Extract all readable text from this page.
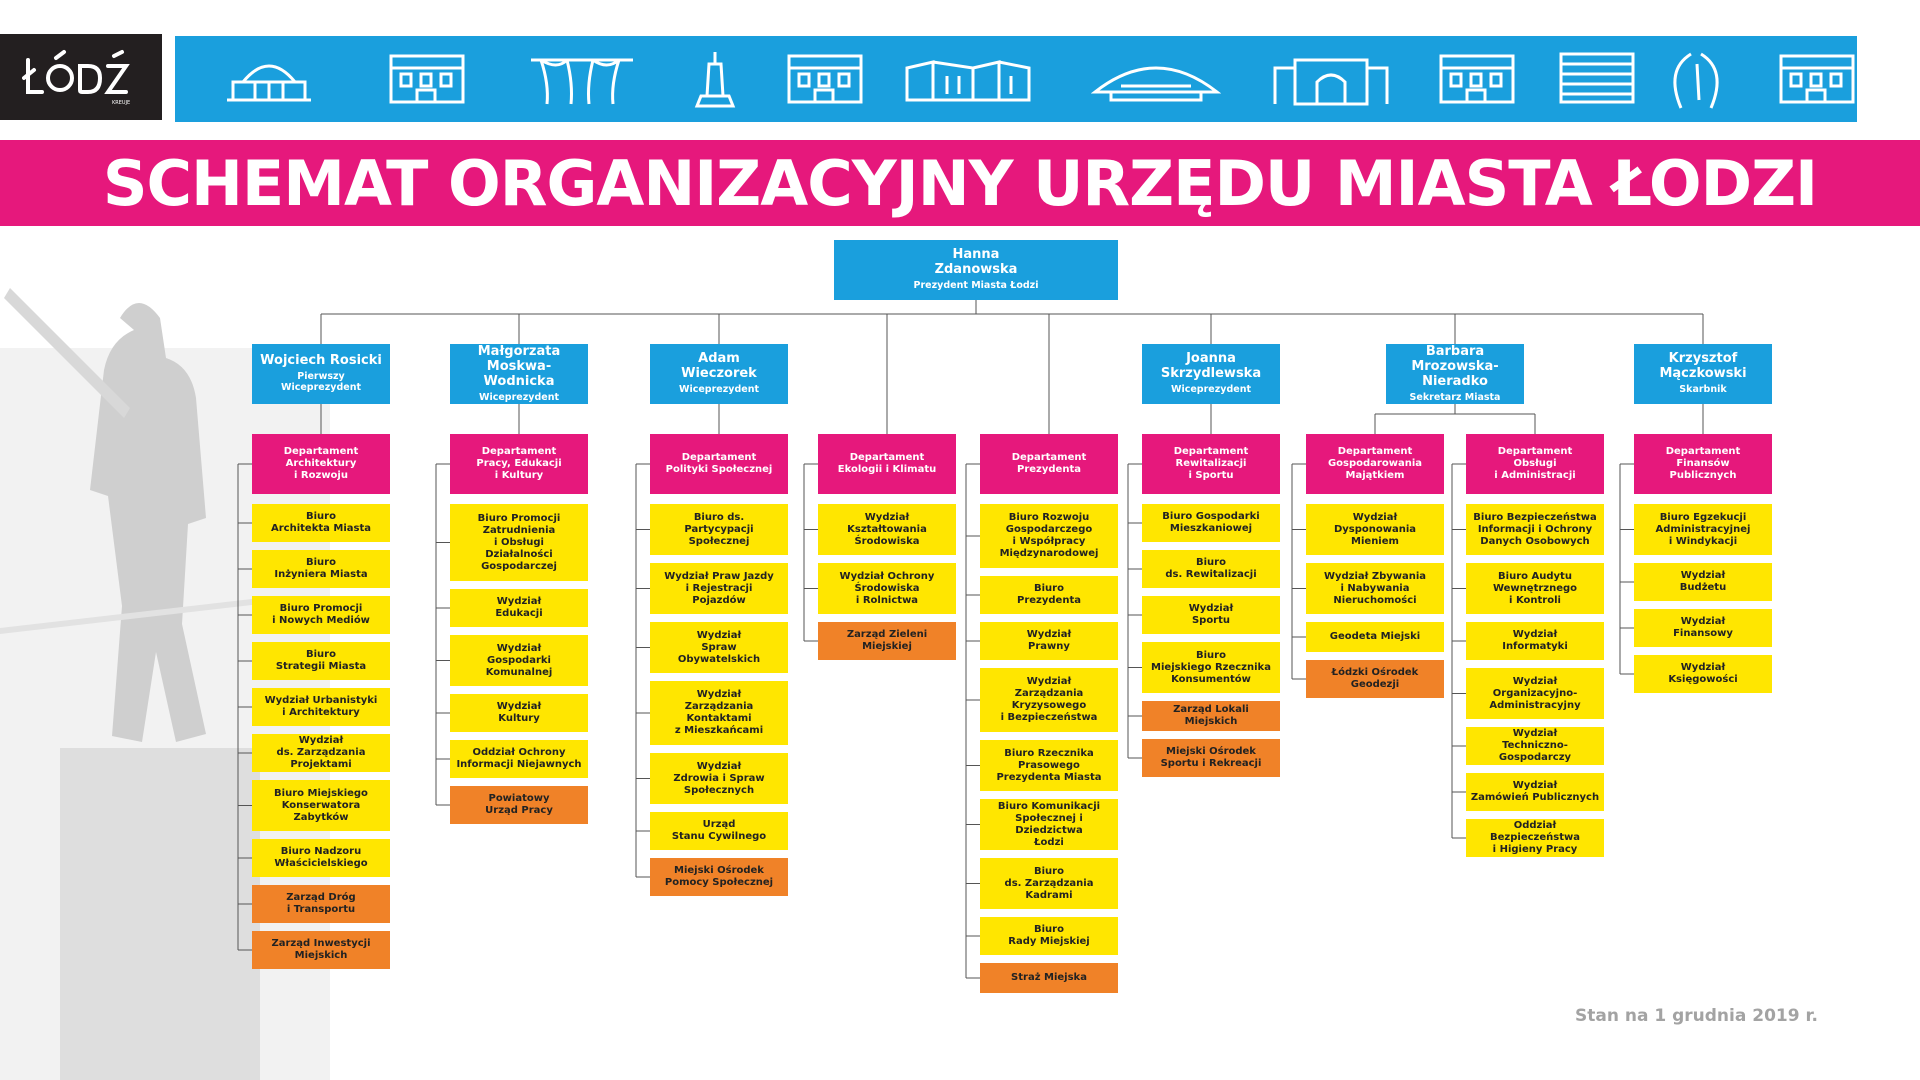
KREUJE
SCHEMAT ORGANIZACYJNY URZĘDU MIASTA ŁODZI
Hanna
Zdanowska
Prezydent Miasta Łodzi
Wojciech Rosicki
Pierwszy
Wiceprezydent
Małgorzata
Moskwa-Wodnicka
Wiceprezydent
Adam
Wieczorek
Wiceprezydent
Joanna
Skrzydlewska
Wiceprezydent
Barbara
Mrozowska-Nieradko
Sekretarz Miasta
Krzysztof
Mączkowski
Skarbnik
Departament
Architektury
i Rozwoju
Biuro
Architekta Miasta
Biuro
Inżyniera Miasta
Biuro Promocji
i Nowych Mediów
Biuro
Strategii Miasta
Wydział Urbanistyki
i Architektury
Wydział
ds. Zarządzania Projektami
Biuro Miejskiego
Konserwatora
Zabytków
Biuro Nadzoru
Właścicielskiego
Zarząd Dróg
i Transportu
Zarząd Inwestycji
Miejskich
Departament
Pracy, Edukacji
i Kultury
Biuro Promocji
Zatrudnienia
i Obsługi
Działalności
Gospodarczej
Wydział
Edukacji
Wydział
Gospodarki
Komunalnej
Wydział
Kultury
Oddział Ochrony
Informacji Niejawnych
Powiatowy
Urząd Pracy
Departament
Polityki Społecznej
Biuro ds.
Partycypacji
Społecznej
Wydział Praw Jazdy
i Rejestracji
Pojazdów
Wydział
Spraw
Obywatelskich
Wydział
Zarządzania
Kontaktami
z Mieszkańcami
Wydział
Zdrowia i Spraw
Społecznych
Urząd
Stanu Cywilnego
Miejski Ośrodek
Pomocy Społecznej
Departament
Ekologii i Klimatu
Wydział
Kształtowania
Środowiska
Wydział Ochrony
Środowiska
i Rolnictwa
Zarząd Zieleni
Miejskiej
Departament
Prezydenta
Biuro Rozwoju
Gospodarczego
i Współpracy
Międzynarodowej
Biuro
Prezydenta
Wydział
Prawny
Wydział
Zarządzania
Kryzysowego
i Bezpieczeństwa
Biuro Rzecznika
Prasowego
Prezydenta Miasta
Biuro Komunikacji
Społecznej i Dziedzictwa
Łodzi
Biuro
ds. Zarządzania
Kadrami
Biuro
Rady Miejskiej
Straż Miejska
Departament
Rewitalizacji
i Sportu
Biuro Gospodarki
Mieszkaniowej
Biuro
ds. Rewitalizacji
Wydział
Sportu
Biuro
Miejskiego Rzecznika
Konsumentów
Zarząd Lokali Miejskich
Miejski Ośrodek
Sportu i Rekreacji
Departament
Gospodarowania
Majątkiem
Wydział
Dysponowania
Mieniem
Wydział Zbywania
i Nabywania
Nieruchomości
Geodeta Miejski
Łódzki Ośrodek
Geodezji
Departament
Obsługi
i Administracji
Biuro Bezpieczeństwa
Informacji i Ochrony
Danych Osobowych
Biuro Audytu
Wewnętrznego
i Kontroli
Wydział
Informatyki
Wydział
Organizacyjno-
Administracyjny
Wydział
Techniczno-Gospodarczy
Wydział
Zamówień Publicznych
Oddział Bezpieczeństwa
i Higieny Pracy
Departament
Finansów
Publicznych
Biuro Egzekucji
Administracyjnej
i Windykacji
Wydział
Budżetu
Wydział
Finansowy
Wydział
Księgowości
Stan na 1 grudnia 2019 r.
